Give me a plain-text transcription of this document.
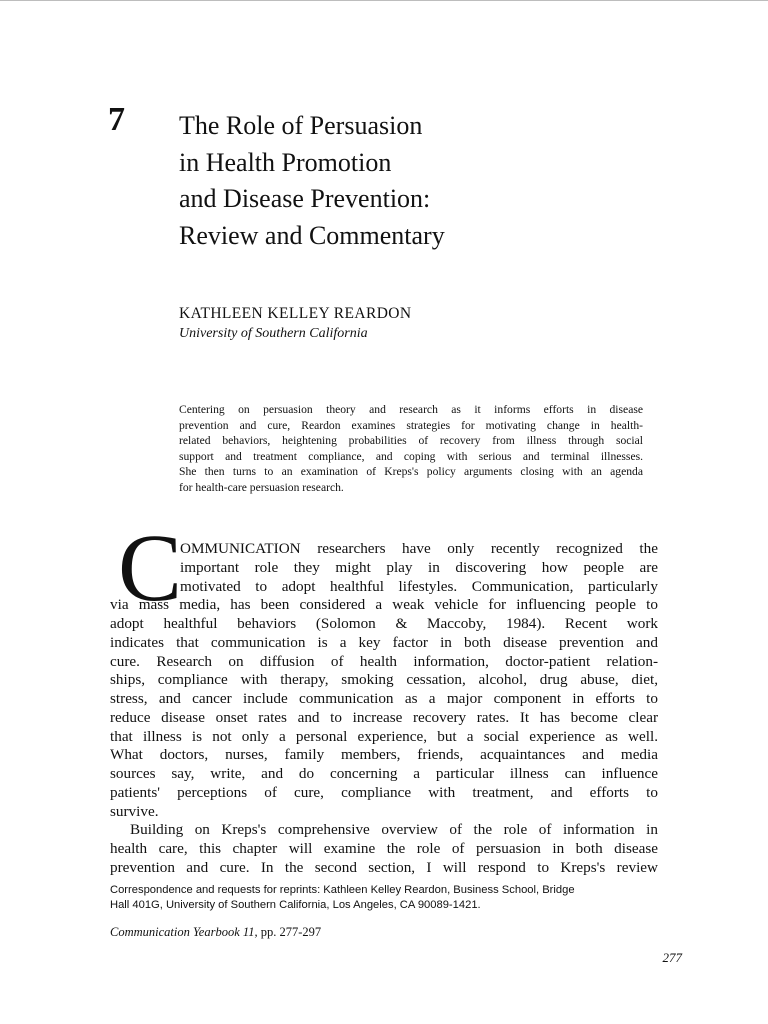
7 The Role of Persuasion
in Health Promotion
and Disease Prevention:
Review and Commentary
KATHLEEN KELLEY REARDON
University of Southern California
Centering on persuasion theory and research as it informs efforts in disease
prevention and cure, Reardon examines strategies for motivating change in health-
related behaviors, heightening probabilities of recovery from illness through social
support and treatment compliance, and coping with serious and terminal illnesses.
She then turns to an examination of Kreps's policy arguments closing with an agenda
for health-care persuasion research.
C
OMMUNICATION researchers have only recently recognized the
important role they might play in discovering how people are
motivated to adopt healthful lifestyles. Communication, particularly
via mass media, has been considered a weak vehicle for influencing people to
adopt healthful behaviors (Solomon & Maccoby, 1984). Recent work
indicates that communication is a key factor in both disease prevention and
cure. Research on diffusion of health information, doctor-patient relation-
ships, compliance with therapy, smoking cessation, alcohol, drug abuse, diet,
stress, and cancer include communication as a major component in efforts to
reduce disease onset rates and to increase recovery rates. It has become clear
that illness is not only a personal experience, but a social experience as well.
What doctors, nurses, family members, friends, acquaintances and media
sources say, write, and do concerning a particular illness can influence
patients' perceptions of cure, compliance with treatment, and efforts to
survive.
Building on Kreps's comprehensive overview of the role of information in
health care, this chapter will examine the role of persuasion in both disease
prevention and cure. In the second section, I will respond to Kreps's review
Correspondence and requests for reprints: Kathleen Kelley Reardon, Business School, Bridge
Hall 401G, University of Southern California, Los Angeles, CA 90089-1421.
Communication Yearbook 11, pp. 277-297
277
